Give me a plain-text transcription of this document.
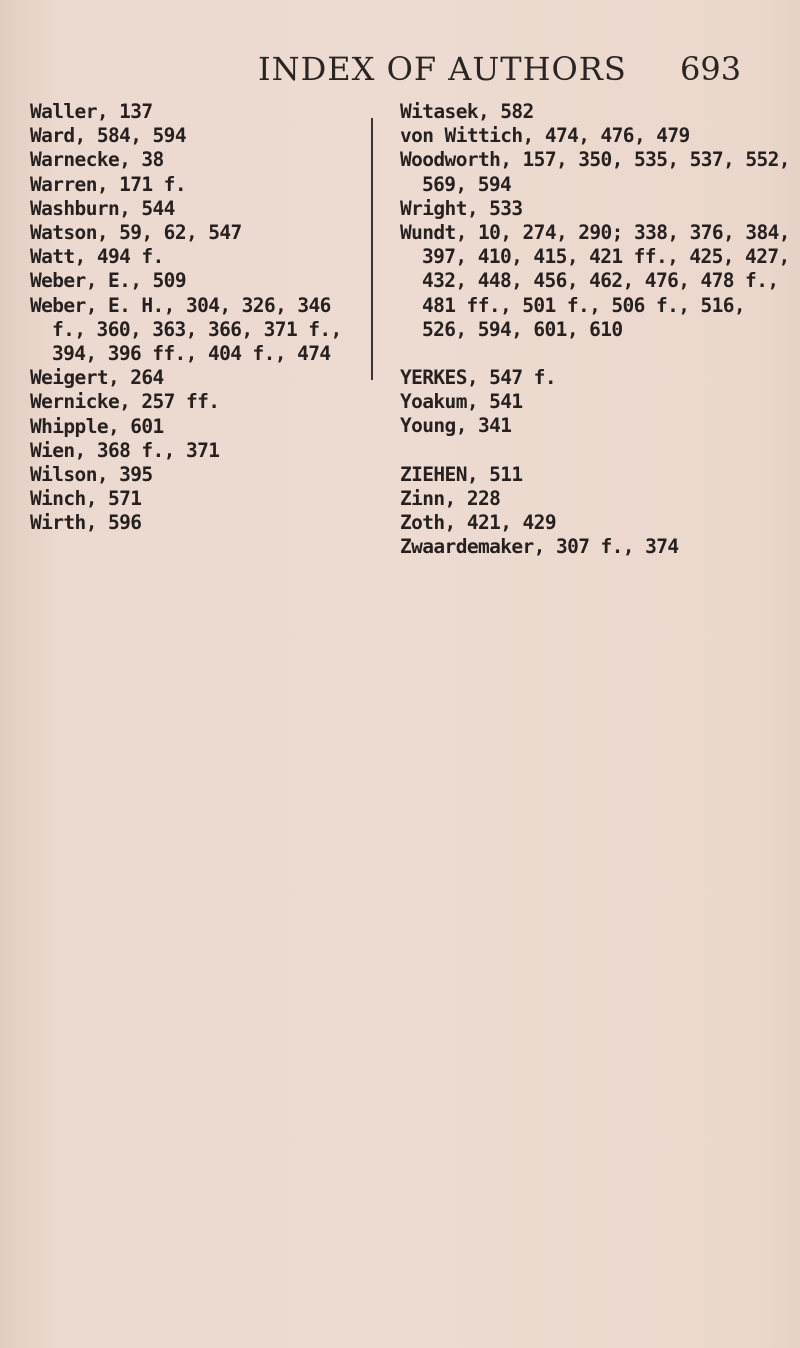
INDEX OF AUTHORS 693

Waller, 137

Ward, 584, 594

Warnecke, 38

Warren, 171 f.

Washburn, 544

Watson, 59, 62, 547

Watt, 494 f.

Weber, E., 509

Weber, E. H., 304, 326, 346 f., 360, 363, 366, 371 f., 394, 396 ff., 404 f., 474

Weigert, 264

Wernicke, 257 ff.

Whipple, 601

Wien, 368 f., 371

Wilson, 395

Winch, 571

Wirth, 596

Witasek, 582

von Wittich, 474, 476, 479

Woodworth, 157, 350, 535, 537, 552, 569, 594

Wright, 533

Wundt, 10, 274, 290; 338, 376, 384, 397, 410, 415, 421 ff., 425, 427, 432, 448, 456, 462, 476, 478 f., 481 ff., 501 f., 506 f., 516, 526, 594, 601, 610

YERKES, 547 f.

Yoakum, 541

Young, 341

ZIEHEN, 511

Zinn, 228

Zoth, 421, 429

Zwaardemaker, 307 f., 374
